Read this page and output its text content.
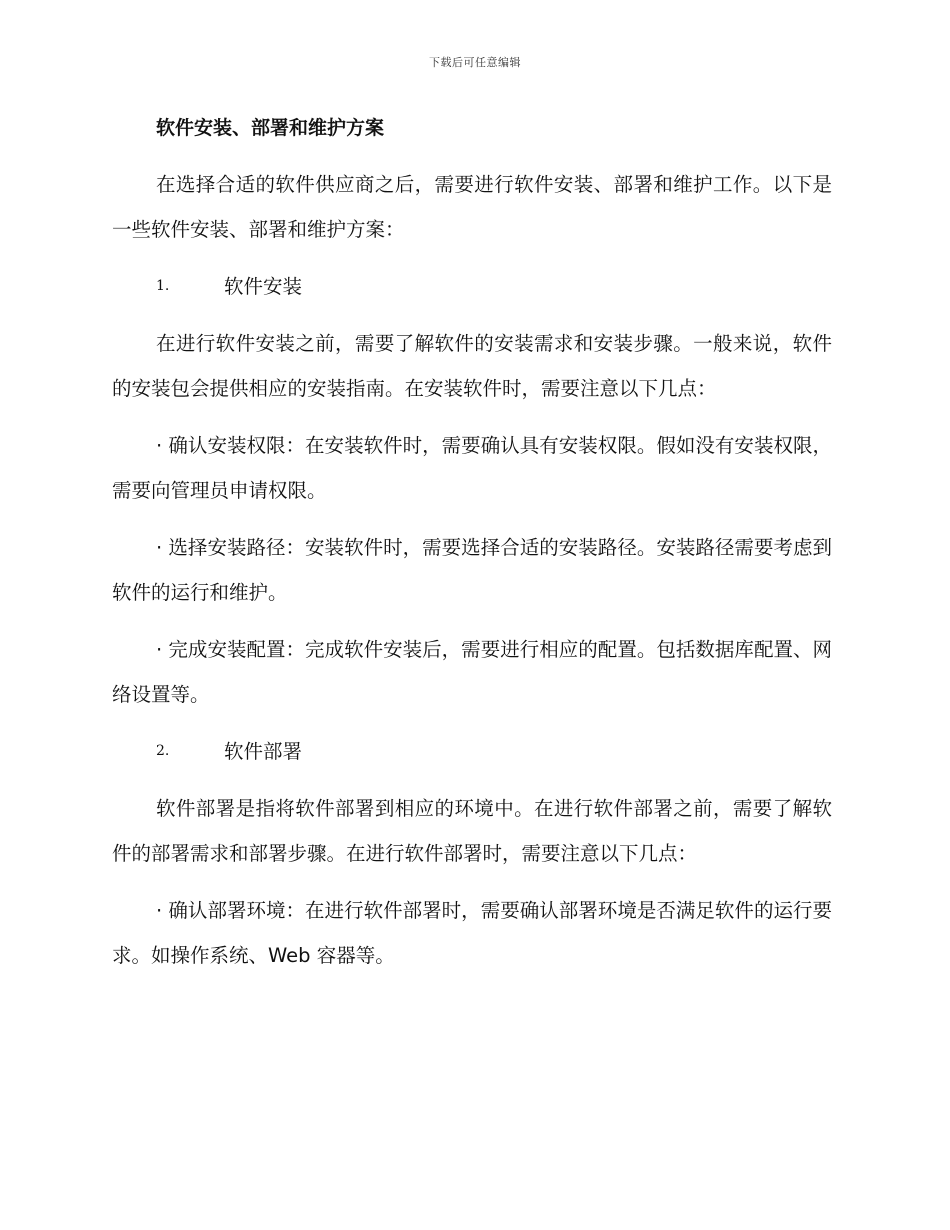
下载后可任意编辑
软件安装、部署和维护方案

在选择合适的软件供应商之后，需要进行软件安装、部署和维护工作。以下是一些软件安装、部署和维护方案：

1.	软件安装

在进行软件安装之前，需要了解软件的安装需求和安装步骤。一般来说，软件的安装包会提供相应的安装指南。在安装软件时，需要注意以下几点：

· 确认安装权限：在安装软件时，需要确认具有安装权限。假如没有安装权限，需要向管理员申请权限。

· 选择安装路径：安装软件时，需要选择合适的安装路径。安装路径需要考虑到软件的运行和维护。

· 完成安装配置：完成软件安装后，需要进行相应的配置。包括数据库配置、网络设置等。

2.	软件部署

软件部署是指将软件部署到相应的环境中。在进行软件部署之前，需要了解软件的部署需求和部署步骤。在进行软件部署时，需要注意以下几点：

· 确认部署环境：在进行软件部署时，需要确认部署环境是否满足软件的运行要求。如操作系统、Web 容器等。
